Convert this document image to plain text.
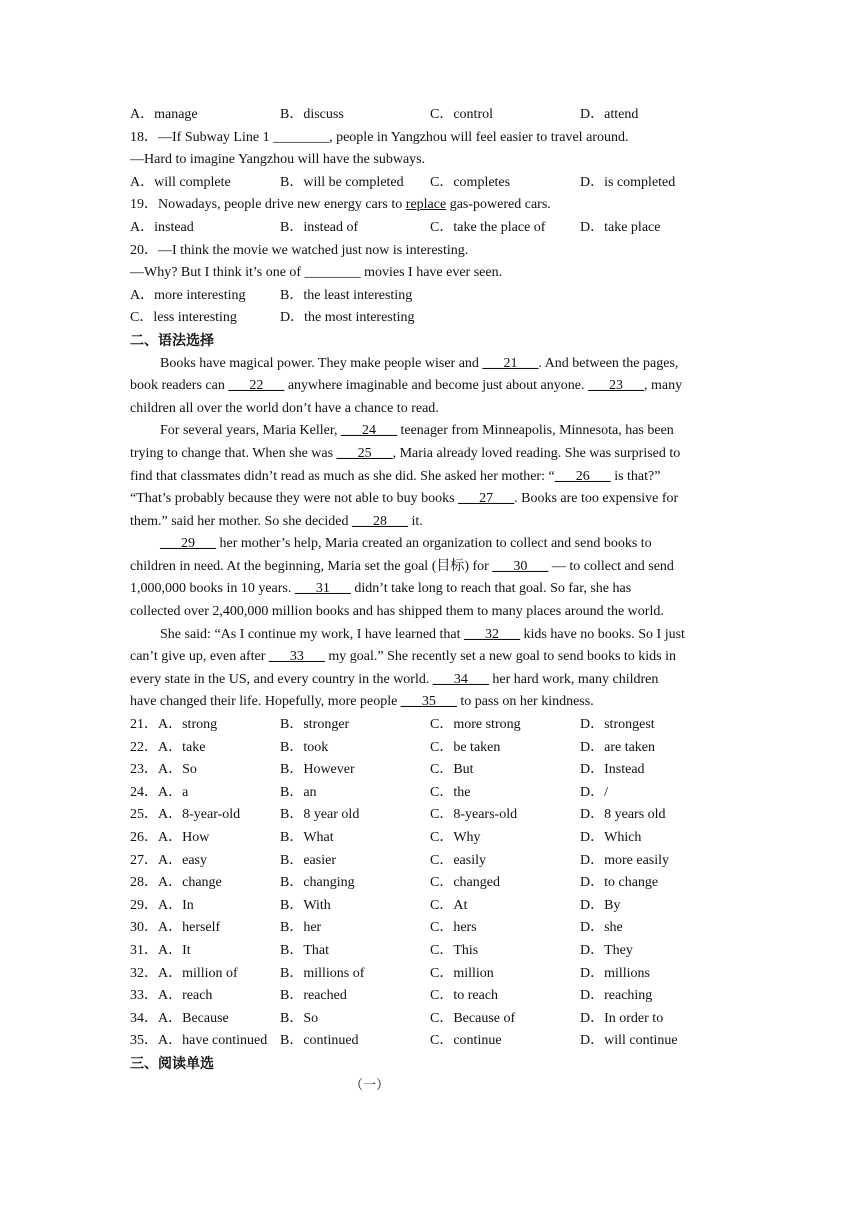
A．manage	B．discuss	C．control	D．attend
18．—If Subway Line 1 ________, people in Yangzhou will feel easier to travel around.
—Hard to imagine Yangzhou will have the subways.
A．will complete	B．will be completed	C．completes	D．is completed
19．Nowadays, people drive new energy cars to replace gas-powered cars.
A．instead	B．instead of	C．take the place of	D．take place
20．—I think the movie we watched just now is interesting.
—Why? But I think it’s one of ________ movies I have ever seen.
A．more interesting	B．the least interesting
C．less interesting	D．the most interesting
二、语法选择
Books have magical power. They make people wiser and ___21___. And between the pages,
book readers can ___22___ anywhere imaginable and become just about anyone. ___23___, many
children all over the world don’t have a chance to read.
For several years, Maria Keller, ___24___ teenager from Minneapolis, Minnesota, has been
trying to change that. When she was ___25___, Maria already loved reading. She was surprised to
find that classmates didn’t read as much as she did. She asked her mother: “___26___ is that?”
“That’s probably because they were not able to buy books ___27___. Books are too expensive for
them.” said her mother. So she decided ___28___ it.
___29___ her mother’s help, Maria created an organization to collect and send books to
children in need. At the beginning, Maria set the goal (目标) for ___30___ — to collect and send
1,000,000 books in 10 years. ___31___ didn’t take long to reach that goal. So far, she has
collected over 2,400,000 million books and has shipped them to many places around the world.
She said: “As I continue my work, I have learned that ___32___ kids have no books. So I just
can’t give up, even after ___33___ my goal.” She recently set a new goal to send books to kids in
every state in the US, and every country in the world. ___34___ her hard work, many children
have changed their life. Hopefully, more people ___35___ to pass on her kindness.
21．A．strong	B．stronger	C．more strong	D．strongest
22．A．take	B．took	C．be taken	D．are taken
23．A．So	B．However	C．But	D．Instead
24．A．a	B．an	C．the	D．/
25．A．8-year-old	B．8 year old	C．8-years-old	D．8 years old
26．A．How	B．What	C．Why	D．Which
27．A．easy	B．easier	C．easily	D．more easily
28．A．change	B．changing	C．changed	D．to change
29．A．In	B．With	C．At	D．By
30．A．herself	B．her	C．hers	D．she
31．A．It	B．That	C．This	D．They
32．A．million of	B．millions of	C．million	D．millions
33．A．reach	B．reached	C．to reach	D．reaching
34．A．Because	B．So	C．Because of	D．In order to
35．A．have continued B．continued	C．continue	D．will continue
三、阅读单选
（一）
